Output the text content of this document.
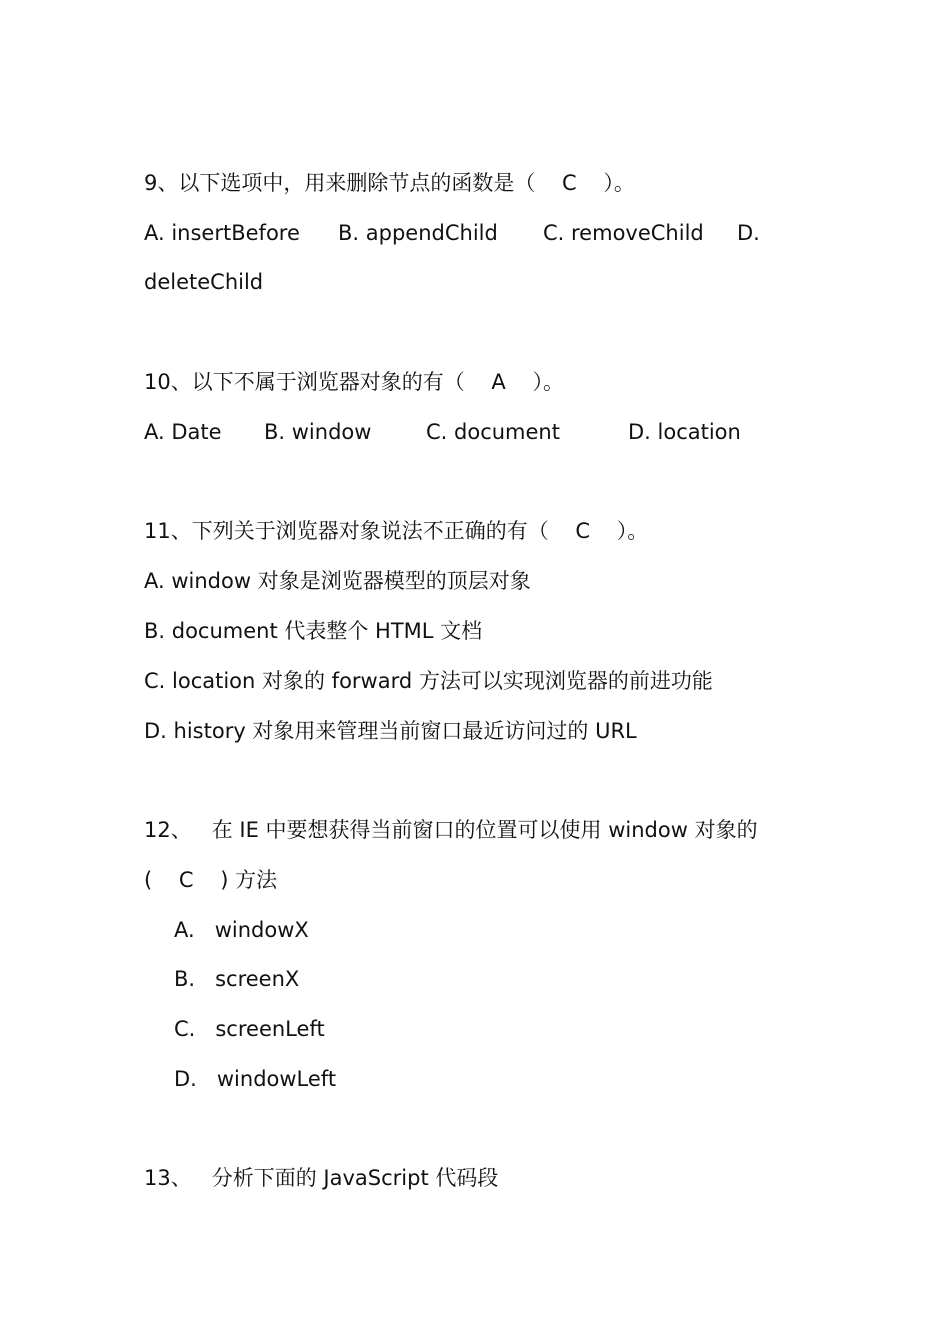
9、以下选项中，用来删除节点的函数是（    C    ）。
A. insertBefore B. appendChild C. removeChild D.
deleteChild
10、以下不属于浏览器对象的有（    A    ）。
A. Date B. window	C. document	D. location
11、下列关于浏览器对象说法不正确的有（    C    ）。
A. window 对象是浏览器模型的顶层对象
B. document 代表整个 HTML 文档
C. location 对象的 forward 方法可以实现浏览器的前进功能
D. history 对象用来管理当前窗口最近访问过的 URL
12、   在 IE 中要想获得当前窗口的位置可以使用 window 对象的
(    C    ) 方法
A.   windowX
B.   screenX
C.   screenLeft
D.   windowLeft
13、   分析下面的 JavaScript 代码段
